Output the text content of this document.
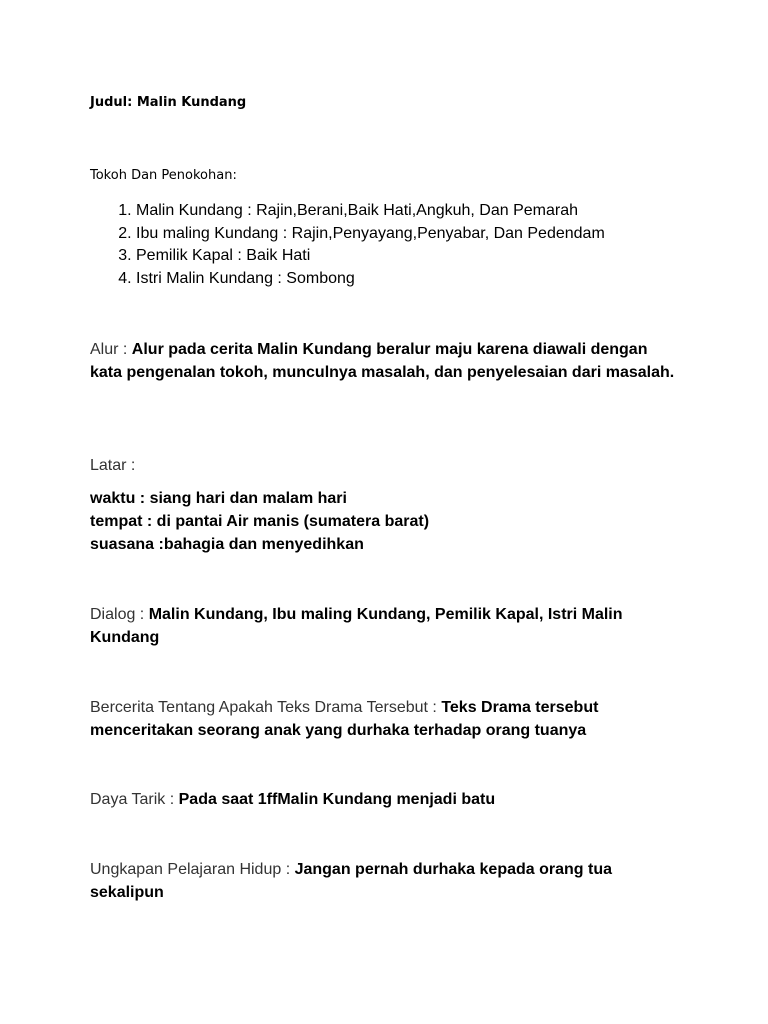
Judul: Malin Kundang
Tokoh Dan Penokohan:
1. Malin Kundang : Rajin,Berani,Baik Hati,Angkuh, Dan Pemarah
2. Ibu maling Kundang : Rajin,Penyayang,Penyabar, Dan Pedendam
3. Pemilik Kapal : Baik Hati
4. Istri Malin Kundang : Sombong
Alur : Alur pada cerita Malin Kundang beralur maju karena diawali dengan kata pengenalan tokoh, munculnya masalah, dan penyelesaian dari masalah.
Latar :
waktu : siang hari dan malam hari
tempat : di pantai Air manis (sumatera barat)
suasana :bahagia dan menyedihkan
Dialog : Malin Kundang, Ibu maling Kundang, Pemilik Kapal, Istri Malin Kundang
Bercerita Tentang Apakah Teks Drama Tersebut : Teks Drama tersebut menceritakan seorang anak yang durhaka terhadap orang tuanya
Daya Tarik : Pada saat 1ffMalin Kundang menjadi batu
Ungkapan Pelajaran Hidup : Jangan pernah durhaka kepada orang tua sekalipun
